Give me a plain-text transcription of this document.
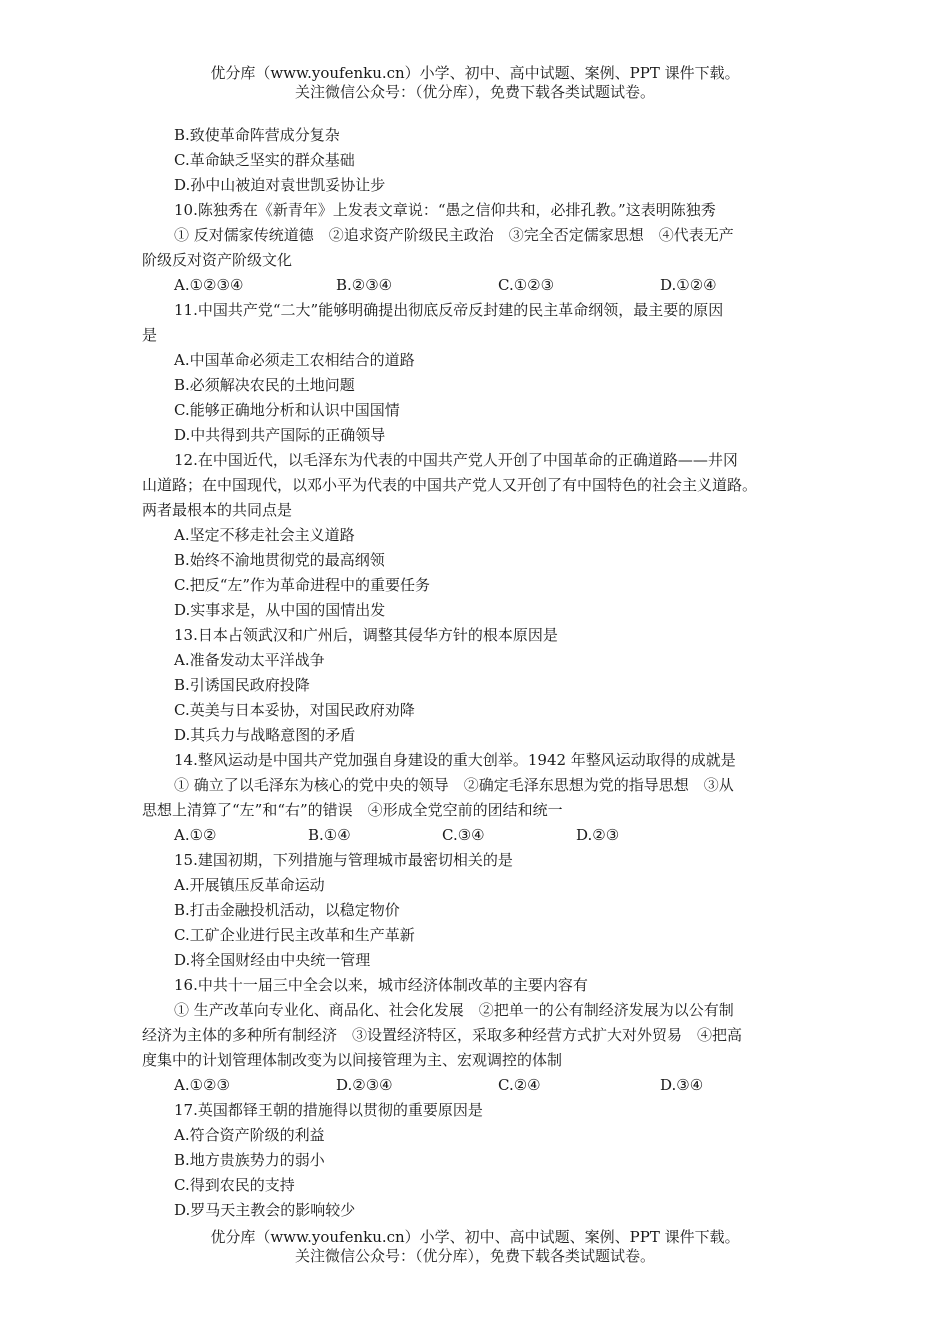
优分库（www.youfenku.cn）小学、初中、高中试题、案例、PPT 课件下载。
关注微信公众号：（优分库），免费下载各类试题试卷。
B.致使革命阵营成分复杂
C.革命缺乏坚实的群众基础
D.孙中山被迫对袁世凯妥协让步
10.陈独秀在《新青年》上发表文章说：“愚之信仰共和，必排孔教。”这表明陈独秀
① 反对儒家传统道德　②追求资产阶级民主政治　③完全否定儒家思想　④代表无产
阶级反对资产阶级文化
A.①②③④	B.②③④	C.①②③	D.①②④
11.中国共产党“二大”能够明确提出彻底反帝反封建的民主革命纲领，最主要的原因
是
A.中国革命必须走工农相结合的道路
B.必须解决农民的土地问题
C.能够正确地分析和认识中国国情
D.中共得到共产国际的正确领导
12.在中国近代，以毛泽东为代表的中国共产党人开创了中国革命的正确道路——井冈
山道路；在中国现代，以邓小平为代表的中国共产党人又开创了有中国特色的社会主义道路。
两者最根本的共同点是
A.坚定不移走社会主义道路
B.始终不渝地贯彻党的最高纲领
C.把反“左”作为革命进程中的重要任务
D.实事求是，从中国的国情出发
13.日本占领武汉和广州后，调整其侵华方针的根本原因是
A.准备发动太平洋战争
B.引诱国民政府投降
C.英美与日本妥协，对国民政府劝降
D.其兵力与战略意图的矛盾
14.整风运动是中国共产党加强自身建设的重大创举。1942 年整风运动取得的成就是
① 确立了以毛泽东为核心的党中央的领导　②确定毛泽东思想为党的指导思想　③从
思想上清算了“左”和“右”的错误　④形成全党空前的团结和统一
A.①②	B.①④	C.③④	D.②③
15.建国初期，下列措施与管理城市最密切相关的是
A.开展镇压反革命运动
B.打击金融投机活动，以稳定物价
C.工矿企业进行民主改革和生产革新
D.将全国财经由中央统一管理
16.中共十一届三中全会以来，城市经济体制改革的主要内容有
① 生产改革向专业化、商品化、社会化发展　②把单一的公有制经济发展为以公有制
经济为主体的多种所有制经济　③设置经济特区，采取多种经营方式扩大对外贸易　④把高
度集中的计划管理体制改变为以间接管理为主、宏观调控的体制
A.①②③	D.②③④	C.②④	D.③④
17.英国都铎王朝的措施得以贯彻的重要原因是
A.符合资产阶级的利益
B.地方贵族势力的弱小
C.得到农民的支持
D.罗马天主教会的影响较少
优分库（www.youfenku.cn）小学、初中、高中试题、案例、PPT 课件下载。
关注微信公众号：（优分库），免费下载各类试题试卷。
